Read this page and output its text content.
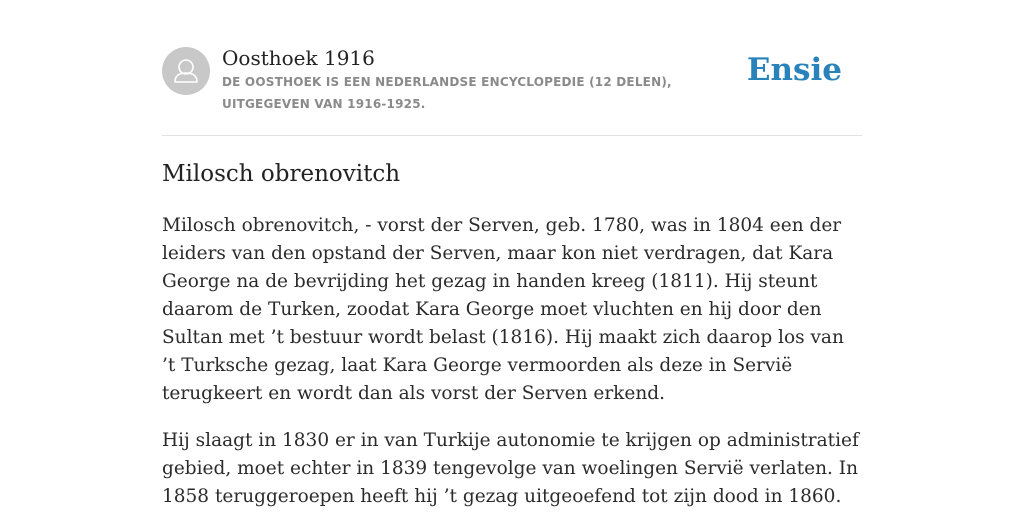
Oosthoek 1916

DE OOSTHOEK IS EEN NEDERLANDSE ENCYCLOPEDIE (12 DELEN), UITGEGEVEN VAN 1916-1925.

Ensie
Milosch obrenovitch

Milosch obrenovitch, - vorst der Serven, geb. 1780, was in 1804 een der leiders van den opstand der Serven, maar kon niet verdragen, dat Kara George na de bevrijding het gezag in handen kreeg (1811). Hij steunt daarom de Turken, zoodat Kara George moet vluchten en hij door den Sultan met ’t bestuur wordt belast (1816). Hij maakt zich daarop los van ’t Turksche gezag, laat Kara George vermoorden als deze in Servië terugkeert en wordt dan als vorst der Serven erkend.

Hij slaagt in 1830 er in van Turkije autonomie te krijgen op administratief gebied, moet echter in 1839 tengevolge van woelingen Servië verlaten. In 1858 teruggeroepen heeft hij ’t gezag uitgeoefend tot zijn dood in 1860.
